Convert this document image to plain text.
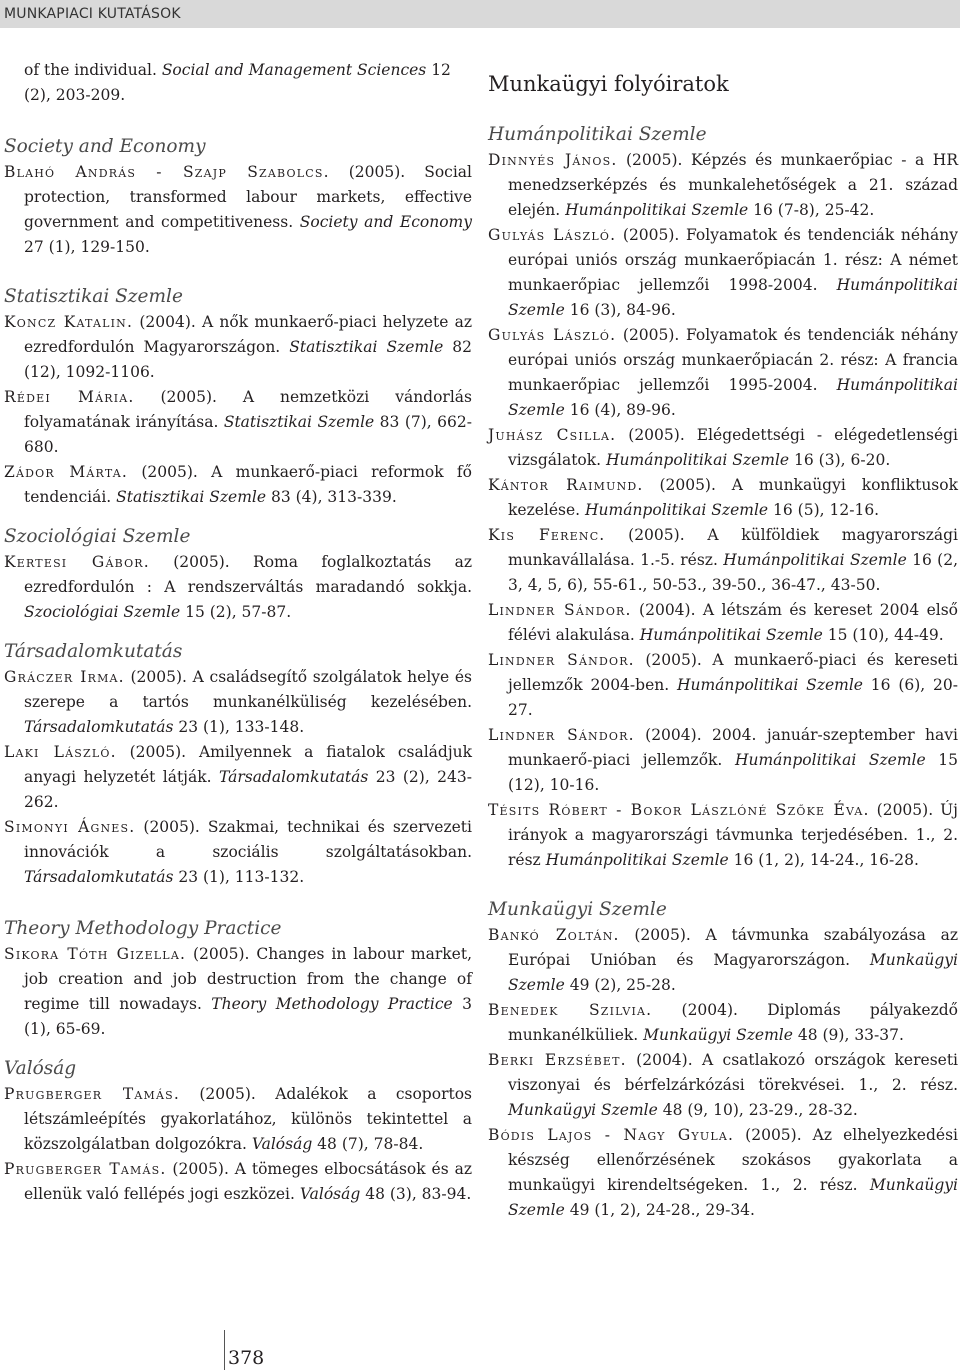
MUNKAPIACI KUTATÁSOK

of the individual. Social and Management Sciences 12
(2), 203-209.

Society and Economy

Blahó András - Szajp Szabolcs. (2005). Social protection, transformed labour markets, effective government and competitiveness. Society and Economy 27 (1), 129-150.

Statisztikai Szemle

Koncz Katalin. (2004). A nők munkaerő-piaci helyzete az ezredfordulón Magyarországon. Statisztikai Szemle 82 (12), 1092-1106.

Rédei Mária. (2005). A nemzetközi vándorlás folyamatának irányítása. Statisztikai Szemle 83 (7), 662-680.

Zádor Márta. (2005). A munkaerő-piaci reformok fő tendenciái. Statisztikai Szemle 83 (4), 313-339.

Szociológiai Szemle

Kertesi Gábor. (2005). Roma foglalkoztatás az ezredfordulón : A rendszerváltás maradandó sokkja. Szociológiai Szemle 15 (2), 57-87.

Társadalomkutatás

Gráczer Irma. (2005). A családsegítő szolgálatok helye és szerepe a tartós munkanélküliség kezelésében. Társadalomkutatás 23 (1), 133-148.

Laki László. (2005). Amilyennek a fiatalok családjuk anyagi helyzetét látják. Társadalomkutatás 23 (2), 243-262.

Simonyi Ágnes. (2005). Szakmai, technikai és szervezeti innovációk a szociális szolgáltatásokban. Társadalomkutatás 23 (1), 113-132.

Theory Methodology Practice

Sikora Tóth Gizella. (2005). Changes in labour market, job creation and job destruction from the change of regime till nowadays. Theory Methodology Practice 3 (1), 65-69.

Valóság

Prugberger Tamás. (2005). Adalékok a csoportos létszámleépítés gyakorlatához, különös tekintettel a közszolgálatban dolgozókra. Valóság 48 (7), 78-84.

Prugberger Tamás. (2005). A tömeges elbocsátások és az ellenük való fellépés jogi eszközei. Valóság 48 (3), 83-94.

Munkaügyi folyóiratok

Humánpolitikai Szemle

Dinnyés János. (2005). Képzés és munkaerőpiac - a HR menedzserképzés és munkalehetőségek a 21. század elején. Humánpolitikai Szemle 16 (7-8), 25-42.

Gulyás László. (2005). Folyamatok és tendenciák néhány európai uniós ország munkaerőpiacán 1. rész: A német munkaerőpiac jellemzői 1998-2004. Humánpolitikai Szemle 16 (3), 84-96.

Gulyás László. (2005). Folyamatok és tendenciák néhány európai uniós ország munkaerőpiacán 2. rész: A francia munkaerőpiac jellemzői 1995-2004. Humánpolitikai Szemle 16 (4), 89-96.

Juhász Csilla. (2005). Elégedettségi - elégedetlenségi vizsgálatok. Humánpolitikai Szemle 16 (3), 6-20.

Kántor Raimund. (2005). A munkaügyi konfliktusok kezelése. Humánpolitikai Szemle 16 (5), 12-16.

Kis Ferenc. (2005). A külföldiek magyarországi munkavállalása. 1.-5. rész. Humánpolitikai Szemle 16 (2, 3, 4, 5, 6), 55-61., 50-53., 39-50., 36-47., 43-50.

Lindner Sándor. (2004). A létszám és kereset 2004 első félévi alakulása. Humánpolitikai Szemle 15 (10), 44-49.

Lindner Sándor. (2005). A munkaerő-piaci és kereseti jellemzők 2004-ben. Humánpolitikai Szemle 16 (6), 20-27.

Lindner Sándor. (2004). 2004. január-szeptember havi munkaerő-piaci jellemzők. Humánpolitikai Szemle 15 (12), 10-16.

Tésits Róbert - Bokor Lászlóné Szőke Éva. (2005). Új irányok a magyarországi távmunka terjedésében. 1., 2. rész Humánpolitikai Szemle 16 (1, 2), 14-24., 16-28.

Munkaügyi Szemle

Bankó Zoltán. (2005). A távmunka szabályozása az Európai Unióban és Magyarországon. Munkaügyi Szemle 49 (2), 25-28.

Benedek Szilvia. (2004). Diplomás pályakezdő munkanélküliek. Munkaügyi Szemle 48 (9), 33-37.

Berki Erzsébet. (2004). A csatlakozó országok kereseti viszonyai és bérfelzárkózási törekvései. 1., 2. rész. Munkaügyi Szemle 48 (9, 10), 23-29., 28-32.

Bódis Lajos - Nagy Gyula. (2005). Az elhelyezkedési készség ellenőrzésének szokásos gyakorlata a munkaügyi kirendeltségeken. 1., 2. rész. Munkaügyi Szemle 49 (1, 2), 24-28., 29-34.

378
